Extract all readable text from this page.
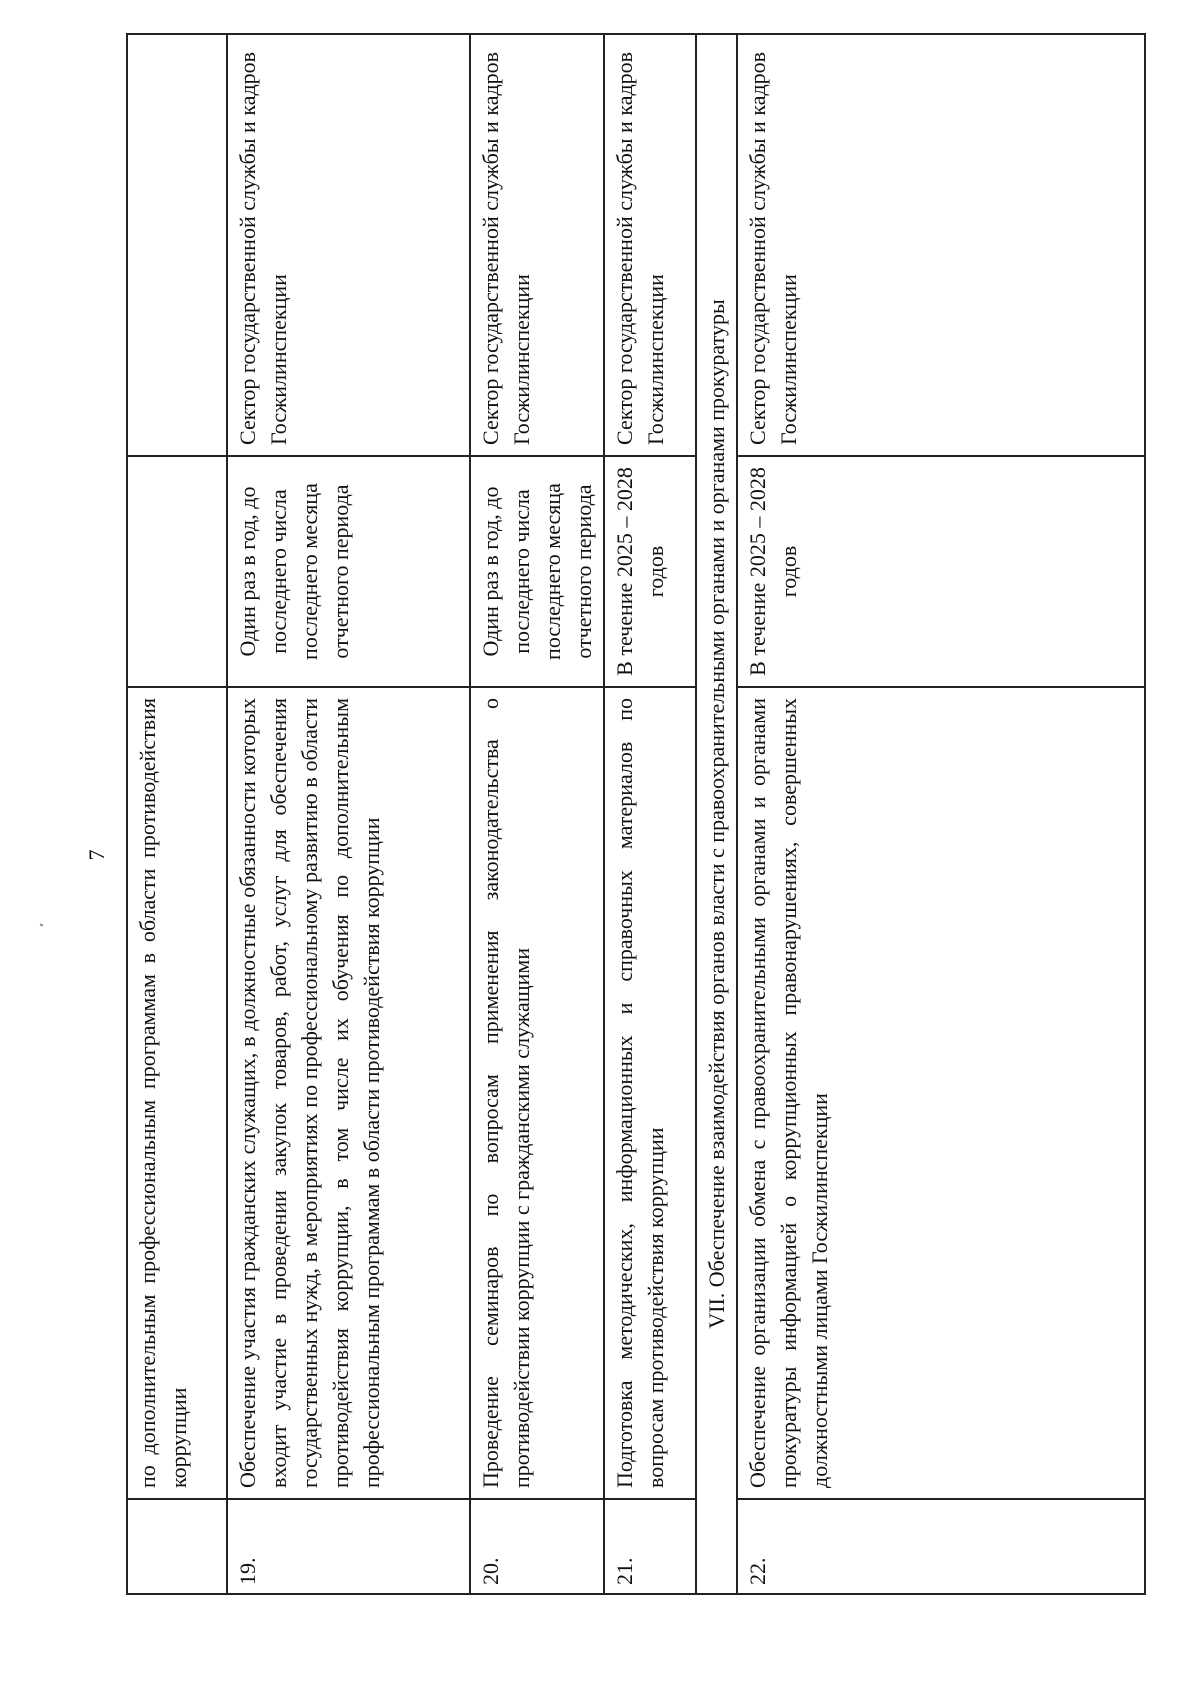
7
	по дополнительным профессиональным программам в области противодействия коррупции		
19.	Обеспечение участия гражданских служащих, в должностные обязанности которых входит участие в проведении закупок товаров, работ, услуг для обеспечения государственных нужд, в мероприятиях по профессиональному развитию в области противодействия коррупции, в том числе их обучения по дополнительным профессиональным программам в области противодействия коррупции	Один раз в год, до последнего числа последнего месяца отчетного периода	Сектор государственной службы и кадров Госжилинспекции
20.	Проведение семинаров по вопросам применения законодательства о противодействии коррупции с гражданскими служащими	Один раз в год, до последнего числа последнего месяца отчетного периода	Сектор государственной службы и кадров Госжилинспекции
21.	Подготовка методических, информационных и справочных материалов по вопросам противодействия коррупции	В течение 2025 – 2028 годов	Сектор государственной службы и кадров Госжилинспекции
VII. Обеспечение взаимодействия органов власти с правоохранительными органами и органами прокуратуры			
22.	Обеспечение организации обмена с правоохранительными органами и органами прокуратуры информацией о коррупционных правонарушениях, совершенных должностными лицами Госжилинспекции	В течение 2025 – 2028 годов	Сектор государственной службы и кадров Госжилинспекции
